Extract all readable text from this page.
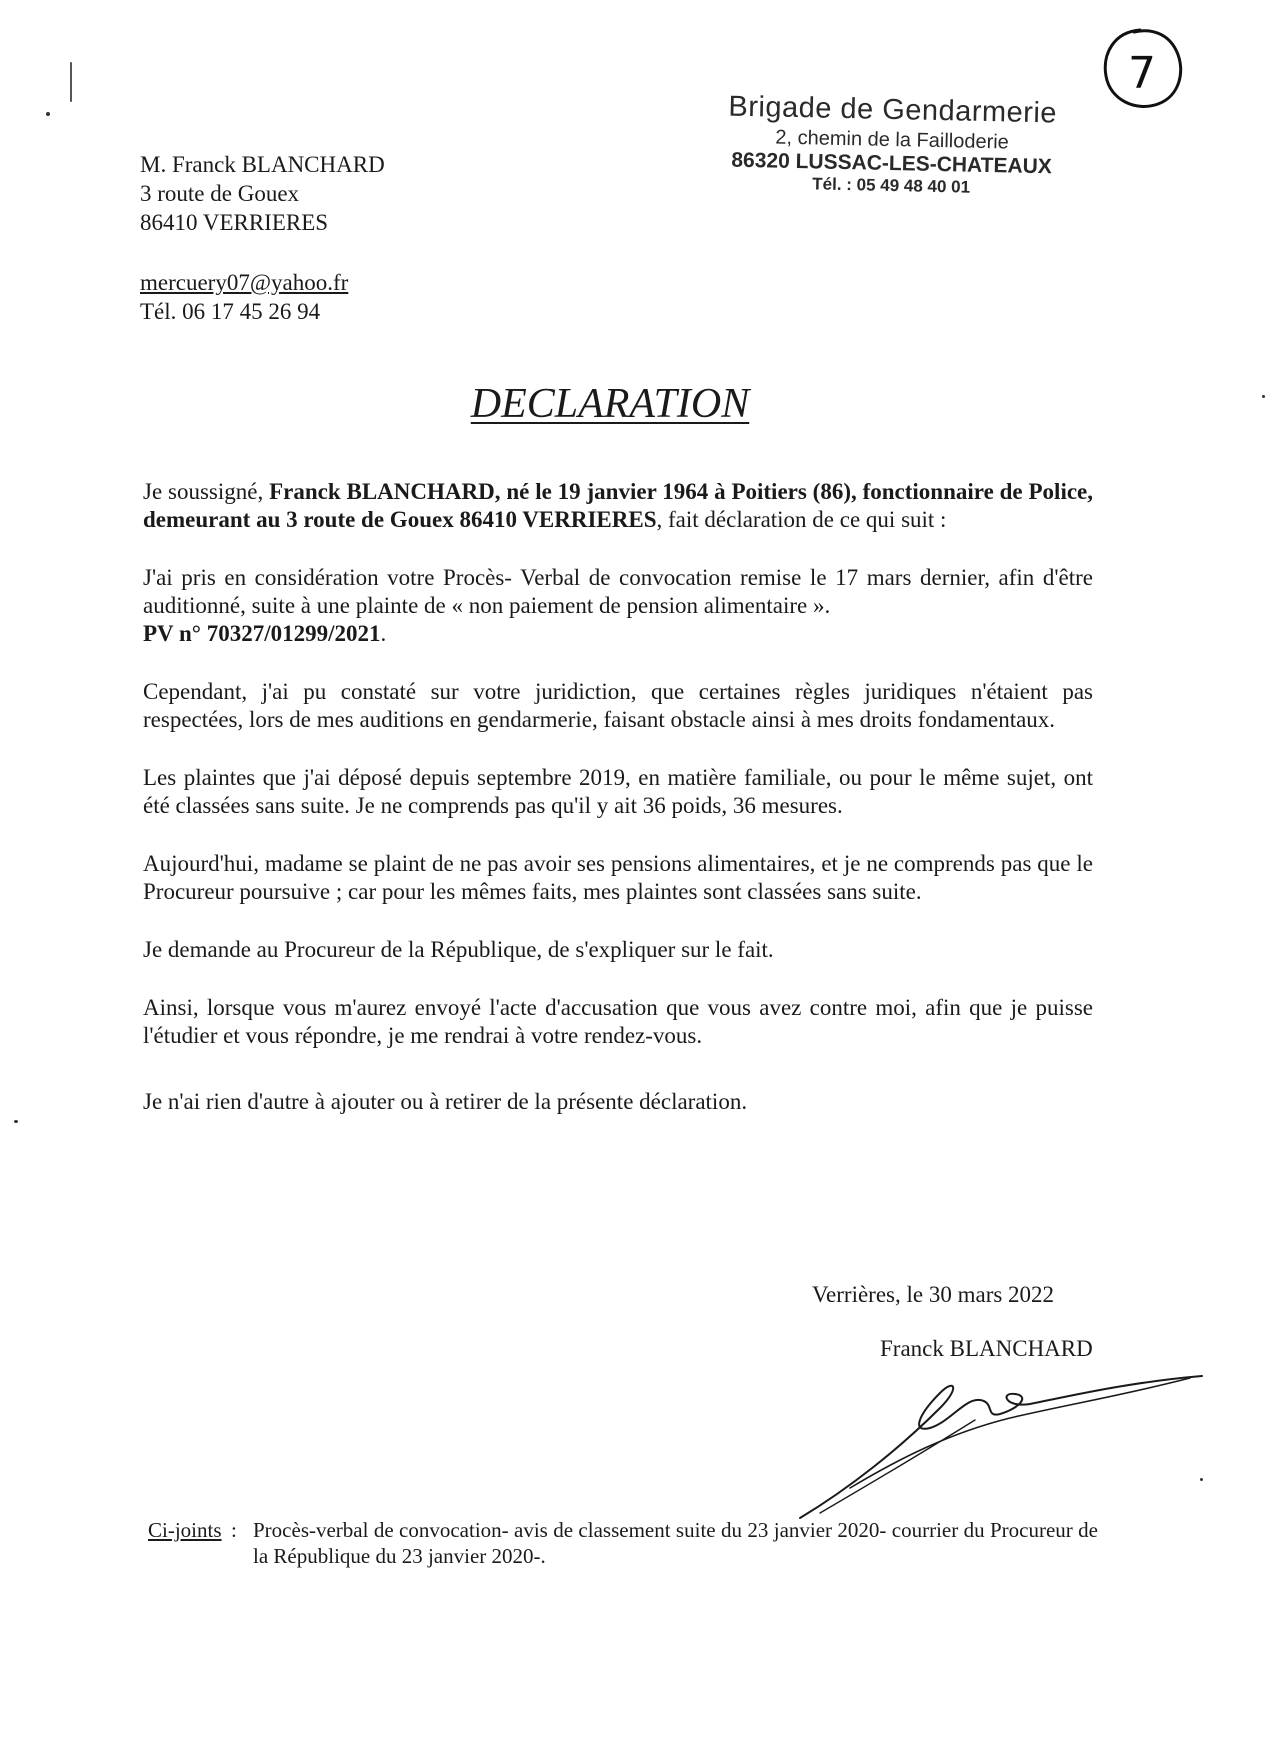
M. Franck BLANCHARD
3 route de Gouex
86410 VERRIERES
mercuery07@yahoo.fr
Tél. 06 17 45 26 94
Brigade de Gendarmerie
2, chemin de la Failloderie
86320 LUSSAC-LES-CHATEAUX
Tél. : 05 49 48 40 01
7
DECLARATION

Je soussigné, Franck BLANCHARD, né le 19 janvier 1964 à Poitiers (86), fonctionnaire de Police, demeurant au 3 route de Gouex 86410 VERRIERES, fait déclaration de ce qui suit :

J'ai pris en considération votre Procès- Verbal de convocation remise le 17 mars dernier, afin d'être auditionné, suite à une plainte de « non paiement de pension alimentaire ».
PV n° 70327/01299/2021.

Cependant, j'ai pu constaté sur votre juridiction, que certaines règles juridiques n'étaient pas respectées, lors de mes auditions en gendarmerie, faisant obstacle ainsi à mes droits fondamentaux.

Les plaintes que j'ai déposé depuis septembre 2019, en matière familiale, ou pour le même sujet, ont été classées sans suite. Je ne comprends pas qu'il y ait 36 poids, 36 mesures.

Aujourd'hui, madame se plaint de ne pas avoir ses pensions alimentaires, et je ne comprends pas que le Procureur poursuive ; car pour les mêmes faits, mes plaintes sont classées sans suite.

Je demande au Procureur de la République, de s'expliquer sur le fait.

Ainsi, lorsque vous m'aurez envoyé l'acte d'accusation que vous avez contre moi, afin que je puisse l'étudier et vous répondre, je me rendrai à votre rendez-vous.

Je n'ai rien d'autre à ajouter ou à retirer de la présente déclaration.

Verrières, le 30 mars 2022
Franck BLANCHARD
Ci-joints : Procès-verbal de convocation- avis de classement suite du 23 janvier 2020- courrier du Procureur de la République du 23 janvier 2020-.
